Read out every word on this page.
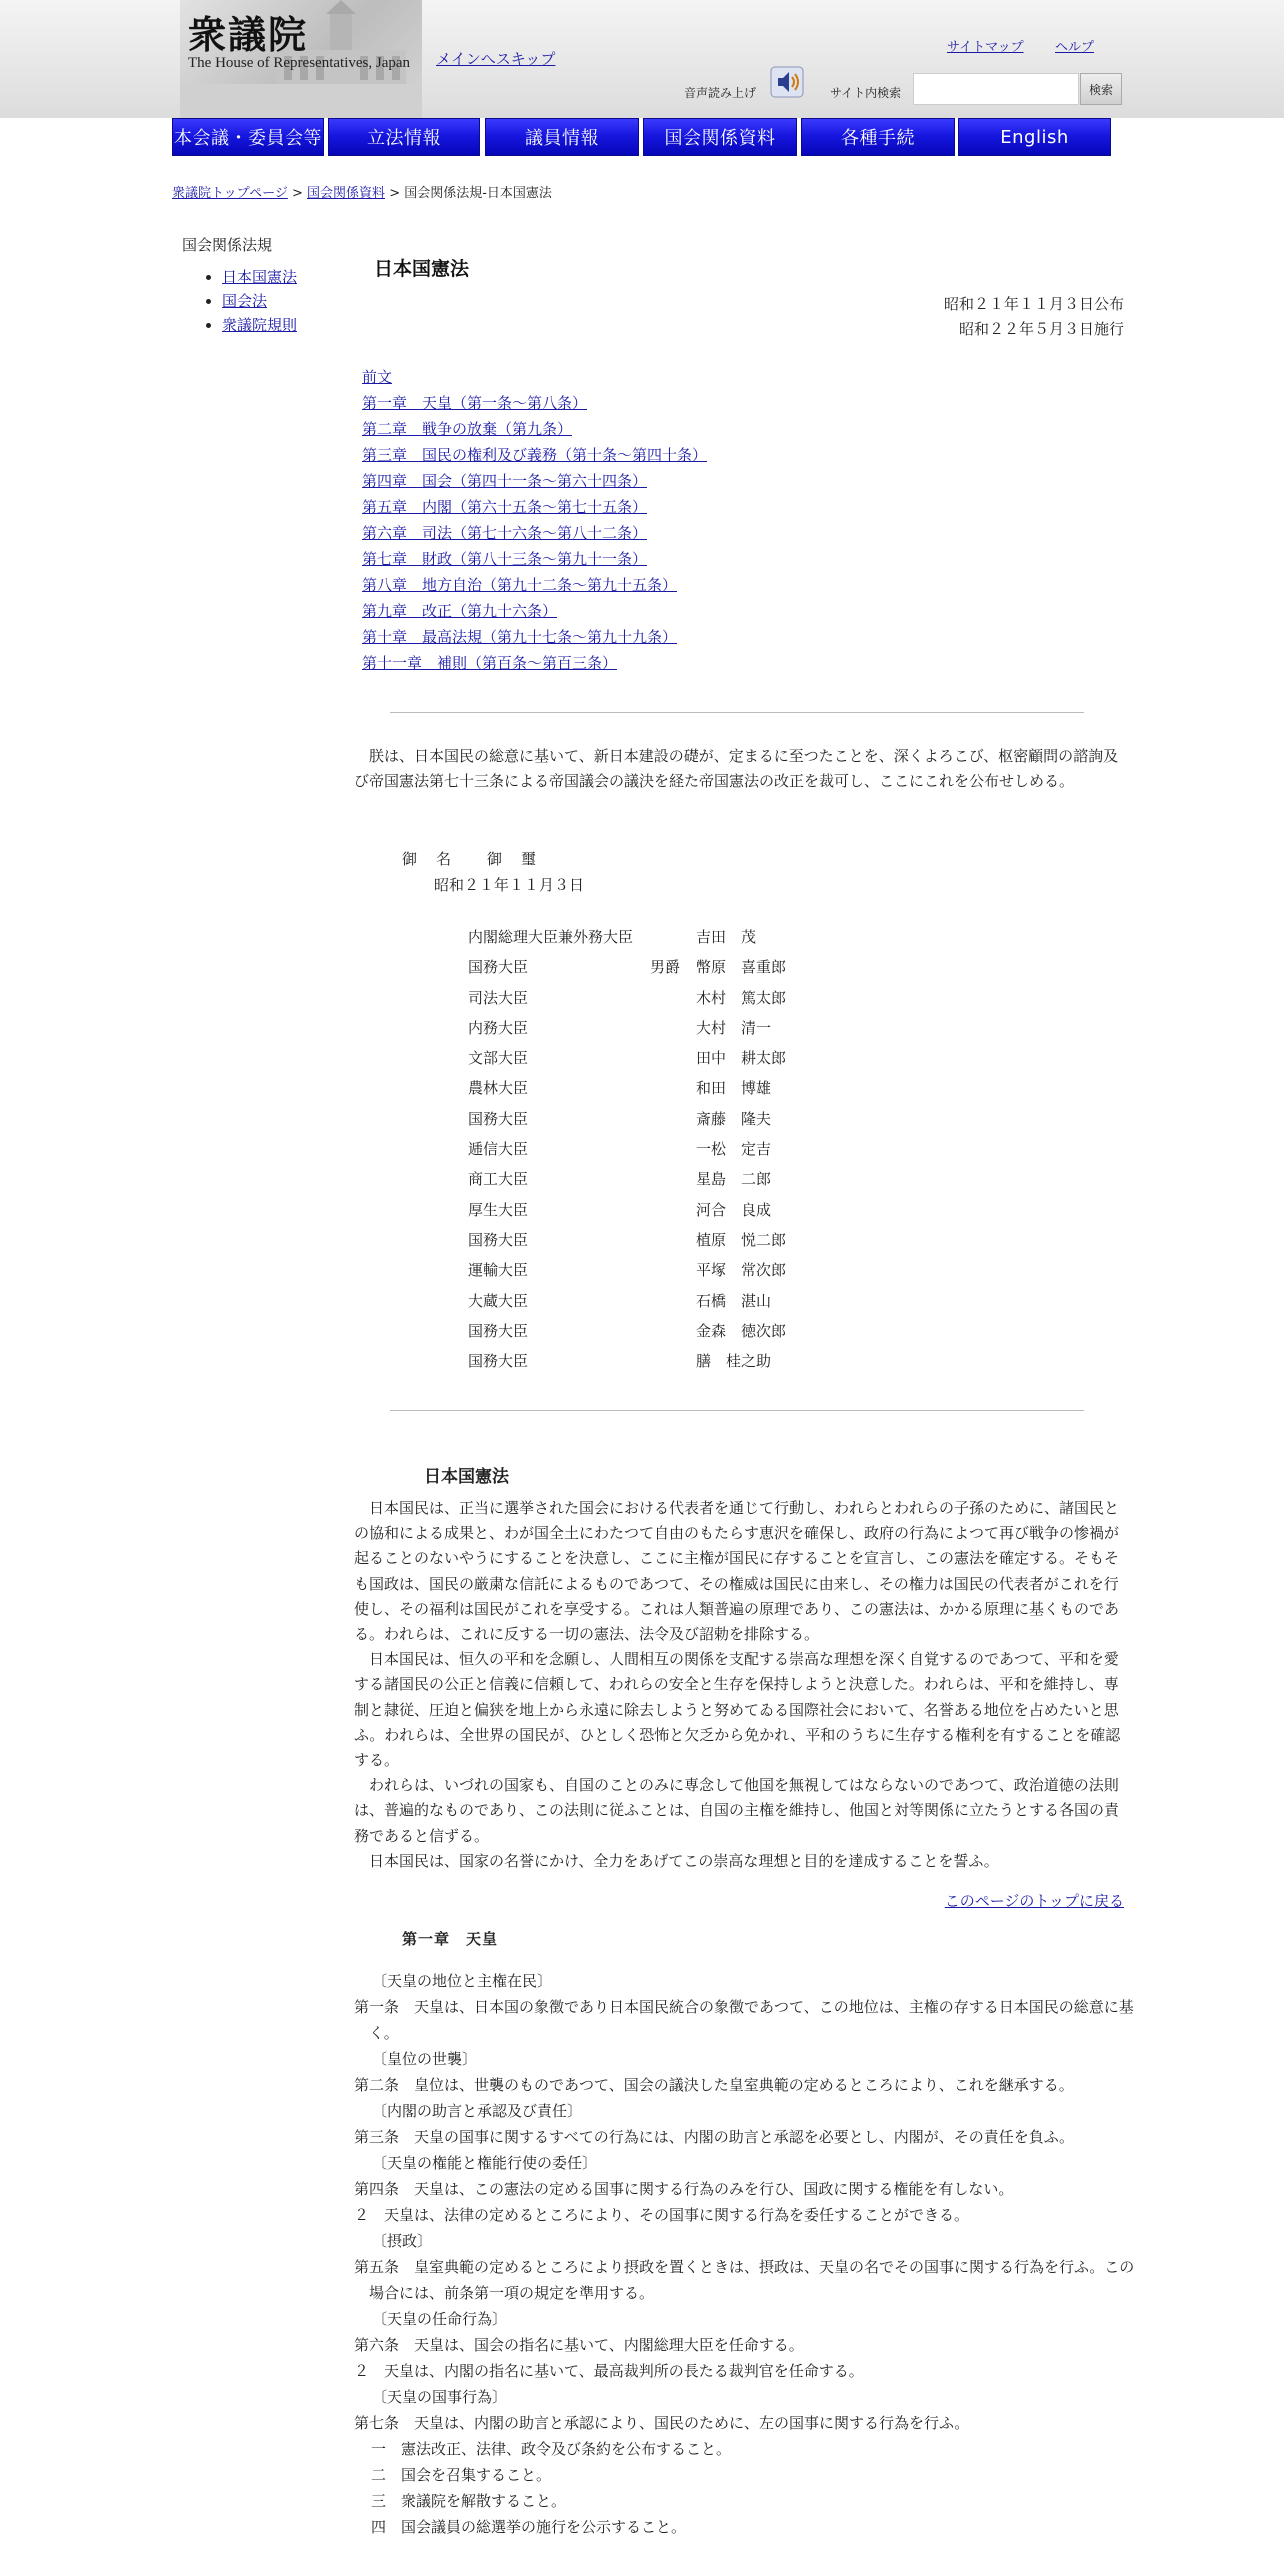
衆議院
The House of Representatives, Japan メインへスキップ
サイトマップ ヘルプ
音声読み上げ	サイト内検索	検索
本会議・委員会等	立法情報	議員情報	国会関係資料	各種手続	English
衆議院トップページ > 国会関係資料 > 国会関係法規-日本国憲法
国会関係法規
• 日本国憲法
• 国会法
• 衆議院規則
日本国憲法
昭和２１年１１月３日公布
昭和２２年５月３日施行
前文
第一章　天皇（第一条～第八条）
第二章　戦争の放棄（第九条）
第三章　国民の権利及び義務（第十条～第四十条）
第四章　国会（第四十一条～第六十四条）
第五章　内閣（第六十五条～第七十五条）
第六章　司法（第七十六条～第八十二条）
第七章　財政（第八十三条～第九十一条）
第八章　地方自治（第九十二条～第九十五条）
第九章　改正（第九十六条）
第十章　最高法規（第九十七条～第九十九条）
第十一章　補則（第百条～第百三条）

朕は、日本国民の総意に基いて、新日本建設の礎が、定まるに至つたことを、深くよろこび、枢密顧問の諮詢及び帝国憲法第七十三条による帝国議会の議決を経た帝国憲法の改正を裁可し、ここにこれを公布せしめる。

御　名　　御　璽
昭和２１年１１月３日
内閣総理大臣兼外務大臣	吉田　茂
国務大臣	男爵 幣原　喜重郎
司法大臣	木村　篤太郎
内務大臣	大村　清一
文部大臣	田中　耕太郎
農林大臣	和田　博雄
国務大臣	斎藤　隆夫
逓信大臣	一松　定吉
商工大臣	星島　二郎
厚生大臣	河合　良成
国務大臣	植原　悦二郎
運輸大臣	平塚　常次郎
大蔵大臣	石橋　湛山
国務大臣	金森　徳次郎
国務大臣	膳　桂之助
日本国憲法

日本国民は、正当に選挙された国会における代表者を通じて行動し、われらとわれらの子孫のために、諸国民との協和による成果と、わが国全土にわたつて自由のもたらす恵沢を確保し、政府の行為によつて再び戦争の惨禍が起ることのないやうにすることを決意し、ここに主権が国民に存することを宣言し、この憲法を確定する。そもそも国政は、国民の厳粛な信託によるものであつて、その権威は国民に由来し、その権力は国民の代表者がこれを行使し、その福利は国民がこれを享受する。これは人類普遍の原理であり、この憲法は、かかる原理に基くものである。われらは、これに反する一切の憲法、法令及び詔勅を排除する。

日本国民は、恒久の平和を念願し、人間相互の関係を支配する崇高な理想を深く自覚するのであつて、平和を愛する諸国民の公正と信義に信頼して、われらの安全と生存を保持しようと決意した。われらは、平和を維持し、専制と隷従、圧迫と偏狭を地上から永遠に除去しようと努めてゐる国際社会において、名誉ある地位を占めたいと思ふ。われらは、全世界の国民が、ひとしく恐怖と欠乏から免かれ、平和のうちに生存する権利を有することを確認する。

われらは、いづれの国家も、自国のことのみに専念して他国を無視してはならないのであつて、政治道徳の法則は、普遍的なものであり、この法則に従ふことは、自国の主権を維持し、他国と対等関係に立たうとする各国の責務であると信ずる。

日本国民は、国家の名誉にかけ、全力をあげてこの崇高な理想と目的を達成することを誓ふ。

このページのトップに戻る
第一章　天皇
〔天皇の地位と主権在民〕
第一条　天皇は、日本国の象徴であり日本国民統合の象徴であつて、この地位は、主権の存する日本国民の総意に基く。
〔皇位の世襲〕
第二条　皇位は、世襲のものであつて、国会の議決した皇室典範の定めるところにより、これを継承する。
〔内閣の助言と承認及び責任〕
第三条　天皇の国事に関するすべての行為には、内閣の助言と承認を必要とし、内閣が、その責任を負ふ。
〔天皇の権能と権能行使の委任〕
第四条　天皇は、この憲法の定める国事に関する行為のみを行ひ、国政に関する権能を有しない。
２　天皇は、法律の定めるところにより、その国事に関する行為を委任することができる。
〔摂政〕
第五条　皇室典範の定めるところにより摂政を置くときは、摂政は、天皇の名でその国事に関する行為を行ふ。この場合には、前条第一項の規定を準用する。
〔天皇の任命行為〕
第六条　天皇は、国会の指名に基いて、内閣総理大臣を任命する。
２　天皇は、内閣の指名に基いて、最高裁判所の長たる裁判官を任命する。
〔天皇の国事行為〕
第七条　天皇は、内閣の助言と承認により、国民のために、左の国事に関する行為を行ふ。
一　憲法改正、法律、政令及び条約を公布すること。
二　国会を召集すること。
三　衆議院を解散すること。
四　国会議員の総選挙の施行を公示すること。
